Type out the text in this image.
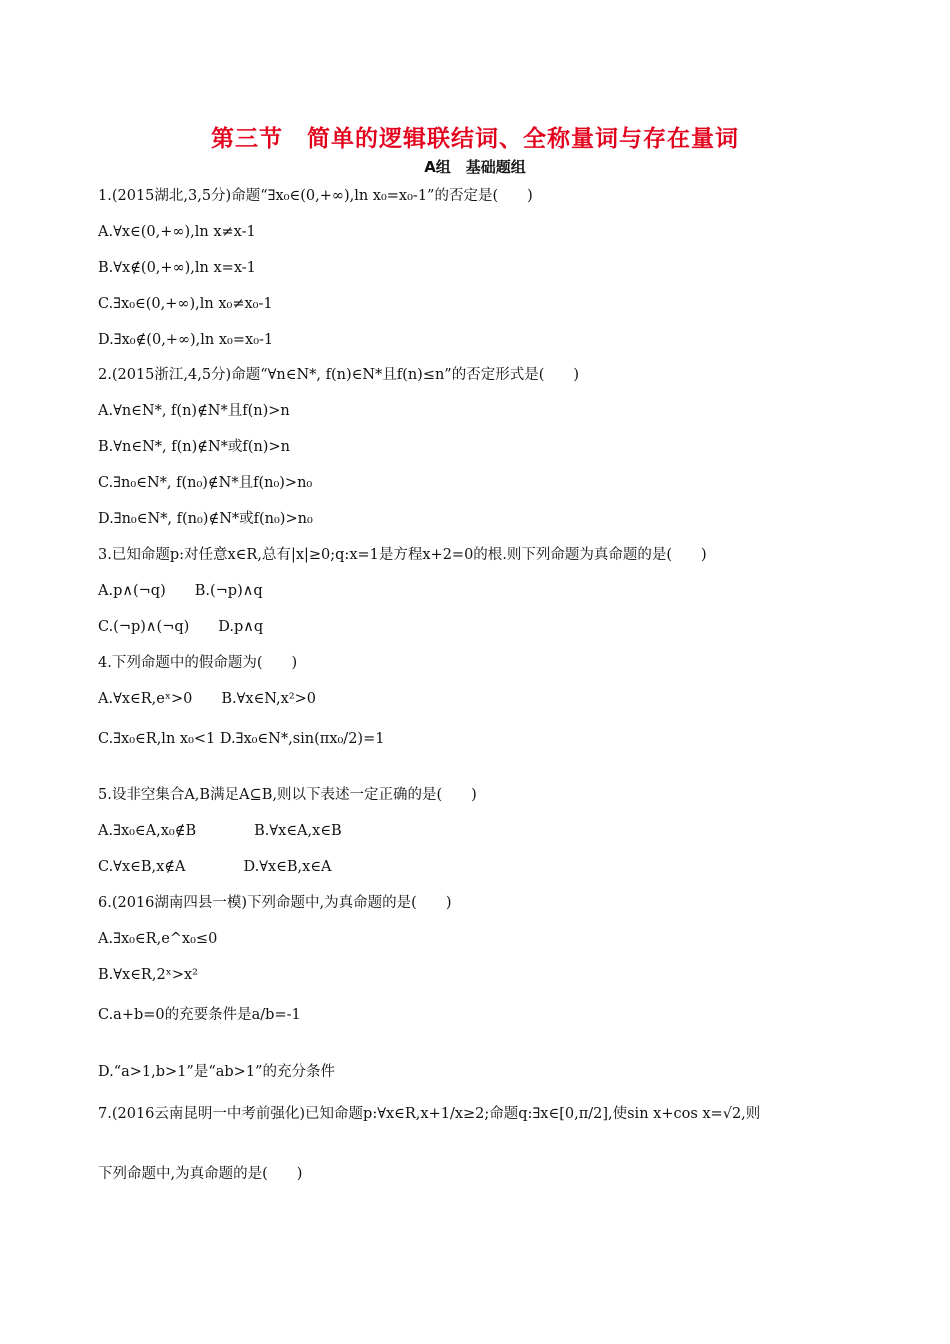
第三节　简单的逻辑联结词、全称量词与存在量词
A组　基础题组
1.(2015湖北,3,5分)命题“∃x₀∈(0,+∞),ln x₀=x₀-1”的否定是(　　)
A.∀x∈(0,+∞),ln x≠x-1
B.∀x∉(0,+∞),ln x=x-1
C.∃x₀∈(0,+∞),ln x₀≠x₀-1
D.∃x₀∉(0,+∞),ln x₀=x₀-1
2.(2015浙江,4,5分)命题“∀n∈N*, f(n)∈N*且f(n)≤n”的否定形式是(　　)
A.∀n∈N*, f(n)∉N*且f(n)>n
B.∀n∈N*, f(n)∉N*或f(n)>n
C.∃n₀∈N*, f(n₀)∉N*且f(n₀)>n₀
D.∃n₀∈N*, f(n₀)∉N*或f(n₀)>n₀
3.已知命题p:对任意x∈R,总有|x|≥0;q:x=1是方程x+2=0的根.则下列命题为真命题的是(　　)
A.p∧(¬q)　　B.(¬p)∧q
C.(¬p)∧(¬q)　　D.p∧q
4.下列命题中的假命题为(　　)
A.∀x∈R,eˣ>0　　B.∀x∈N,x²>0
C.∃x₀∈R,ln x₀<1 D.∃x₀∈N*,sin(πx₀/2)=1
5.设非空集合A,B满足A⊆B,则以下表述一定正确的是(　　)
A.∃x₀∈A,x₀∉B　　　　B.∀x∈A,x∈B
C.∀x∈B,x∉A　　　　D.∀x∈B,x∈A
6.(2016湖南四县一模)下列命题中,为真命题的是(　　)
A.∃x₀∈R,e^x₀≤0
B.∀x∈R,2ˣ>x²
C.a+b=0的充要条件是a/b=-1
D.“a>1,b>1”是“ab>1”的充分条件
7.(2016云南昆明一中考前强化)已知命题p:∀x∈R,x+1/x≥2;命题q:∃x∈[0,π/2],使sin x+cos x=√2,则
下列命题中,为真命题的是(　　)
